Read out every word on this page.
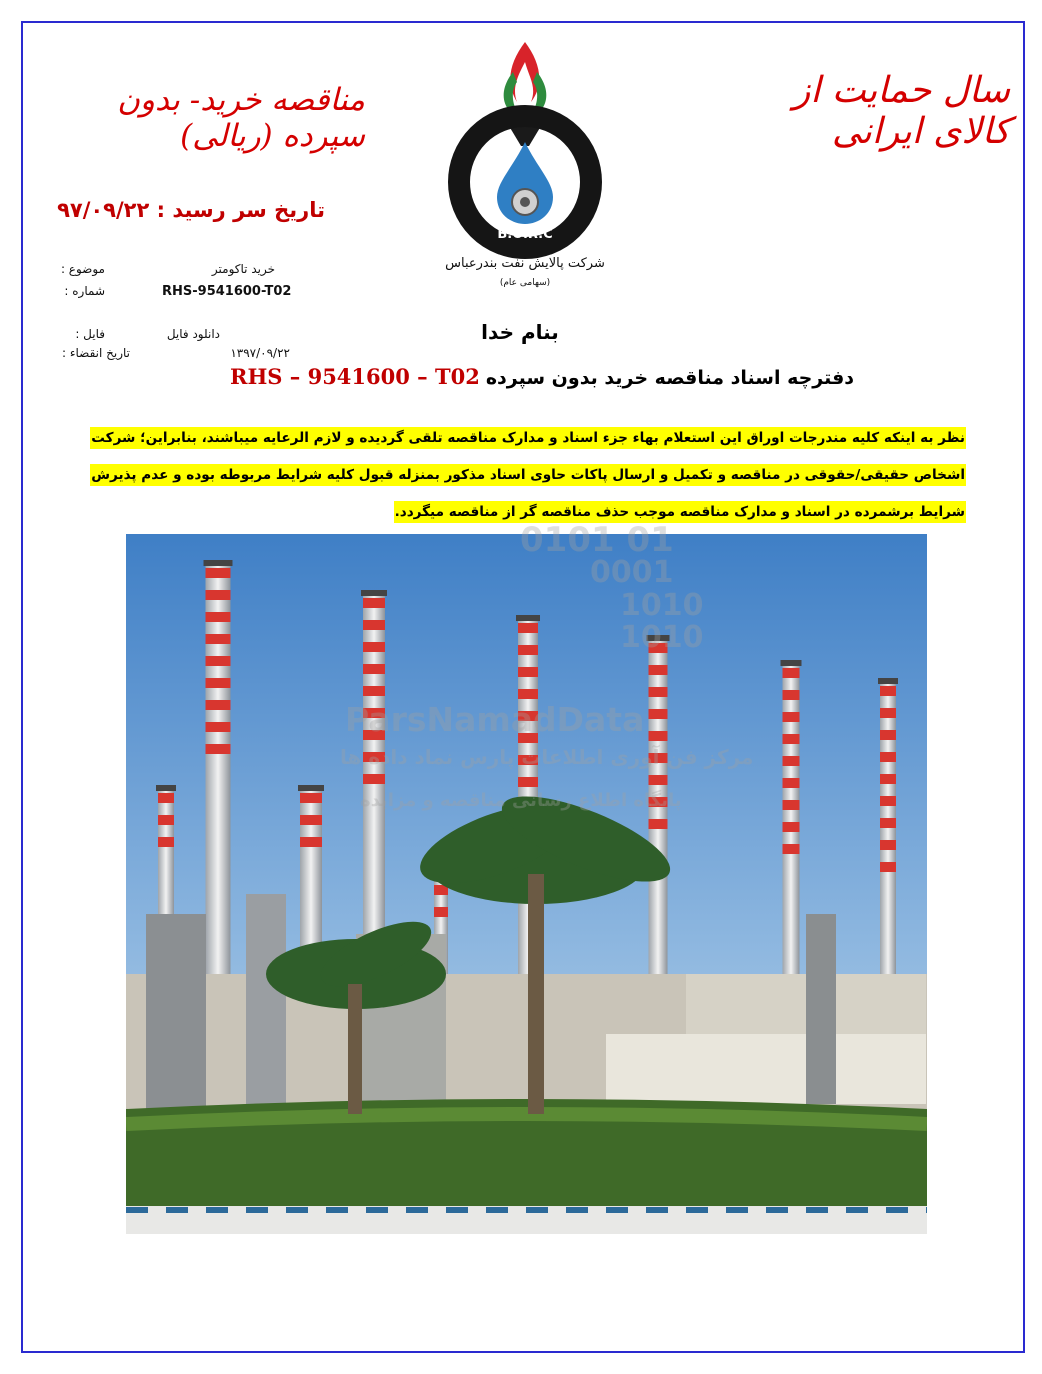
سال حمایت از کالای ایرانی
مناقصه خرید- بدون سپرده (ریالی)
تاریخ سر رسید : ۹۷/۰۹/۲۲
B.O.R.C
شرکت پالایش نفت بندرعباس
(سهامی عام)
خرید تاکومتر
موضوع :
RHS-9541600-T02
: شماره
دانلود فایل
فایل :
۱۳۹۷/۰۹/۲۲
تاریخ انقضاء :
بنام خدا
RHS – 9541600 – T02 دفترچه اسناد مناقصه خرید بدون سپرده
نظر به اینکه کلیه مندرجات اوراق این استعلام بهاء جزء اسناد و مدارک مناقصه تلقی گردیده و لازم الرعایه میباشند، بنابراین؛ شرکت اشخاص حقیقی/حقوقی در مناقصه و تکمیل و ارسال پاکات حاوی اسناد مذکور بمنزله قبول کلیه شرایط مربوطه بوده و عدم پذیرش شرایط برشمرده در اسناد و مدارک مناقصه موجب حذف مناقصه گر از مناقصه میگردد.
0101 01
0001
1010
1010
ParsNamadData
مرکز فن آوری اطلاعات پارس نماد داده ها
پایگاه اطلاع رسانی مناقصه و مزایده
